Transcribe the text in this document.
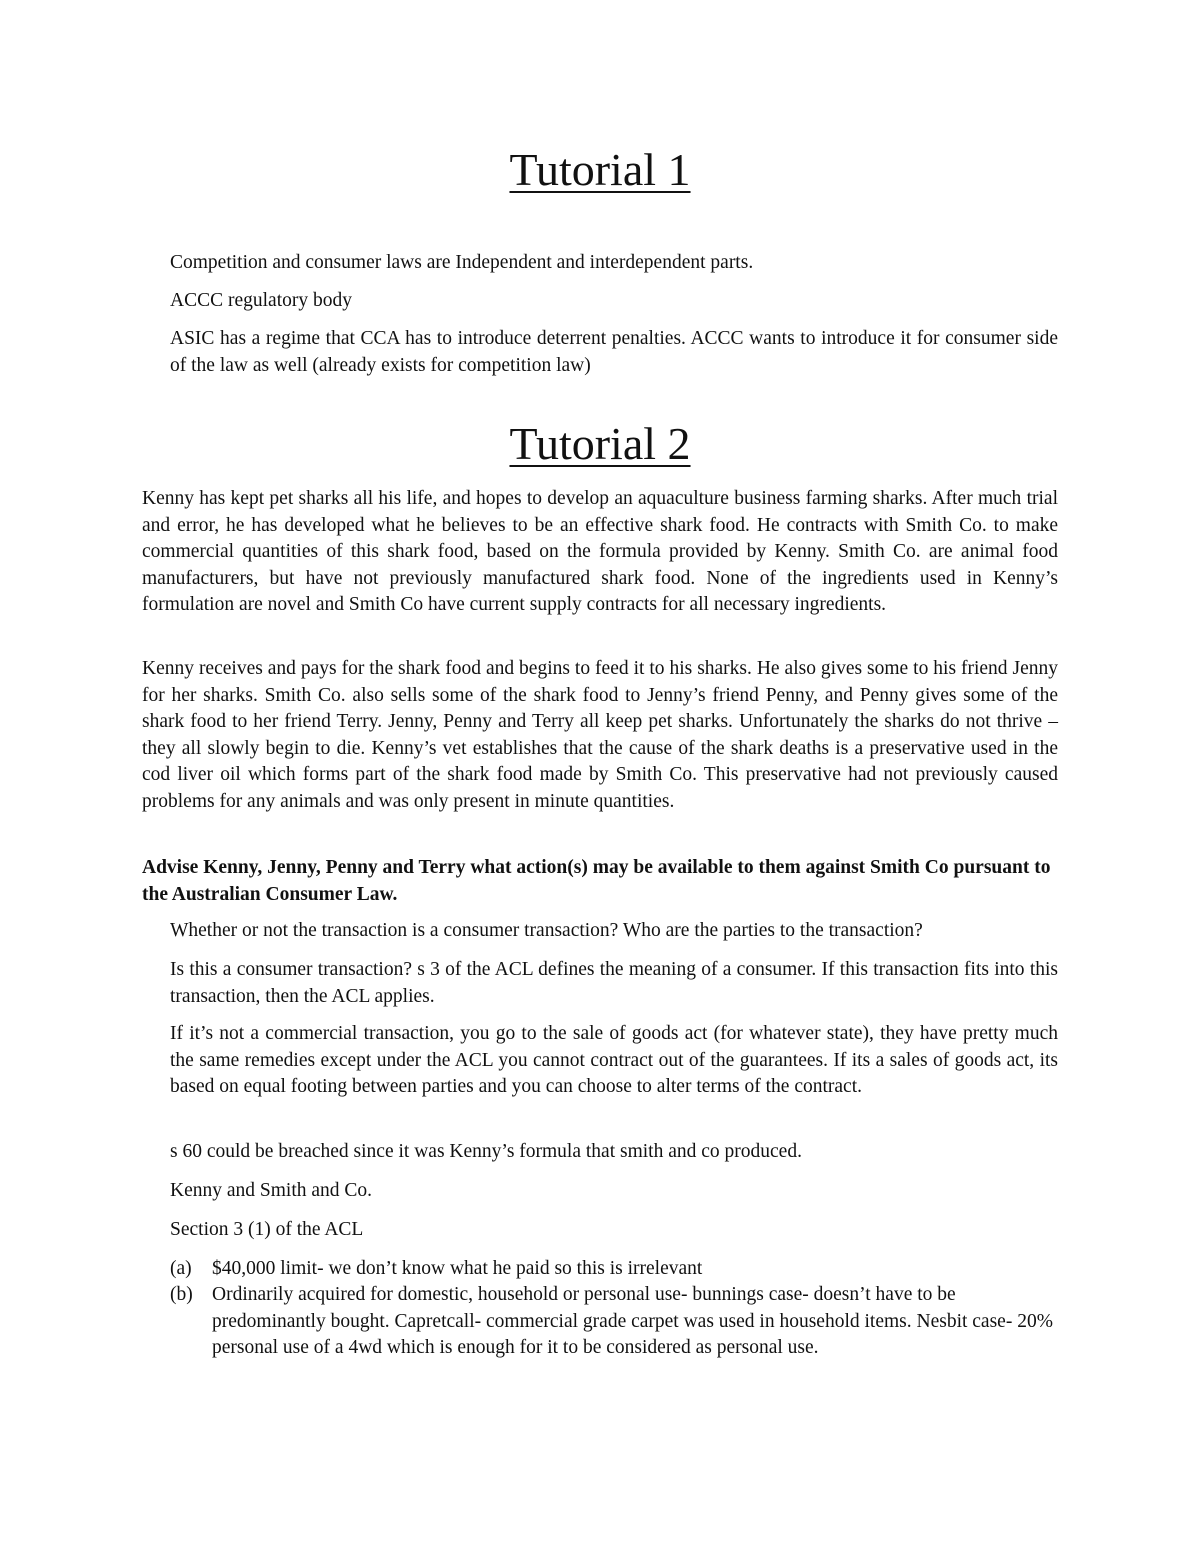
Tutorial 1

Competition and consumer laws are Independent and interdependent parts.

ACCC regulatory body

ASIC has a regime that CCA has to introduce deterrent penalties. ACCC wants to introduce it for consumer side of the law as well (already exists for competition law)

Tutorial 2

Kenny has kept pet sharks all his life, and hopes to develop an aquaculture business farming sharks. After much trial and error, he has developed what he believes to be an effective shark food. He contracts with Smith Co. to make commercial quantities of this shark food, based on the formula provided by Kenny. Smith Co. are animal food manufacturers, but have not previously manufactured shark food. None of the ingredients used in Kenny’s formulation are novel and Smith Co have current supply contracts for all necessary ingredients.

Kenny receives and pays for the shark food and begins to feed it to his sharks. He also gives some to his friend Jenny for her sharks. Smith Co. also sells some of the shark food to Jenny’s friend Penny, and Penny gives some of the shark food to her friend Terry. Jenny, Penny and Terry all keep pet sharks. Unfortunately the sharks do not thrive – they all slowly begin to die. Kenny’s vet establishes that the cause of the shark deaths is a preservative used in the cod liver oil which forms part of the shark food made by Smith Co. This preservative had not previously caused problems for any animals and was only present in minute quantities.

Advise Kenny, Jenny, Penny and Terry what action(s) may be available to them against Smith Co pursuant to the Australian Consumer Law.

Whether or not the transaction is a consumer transaction? Who are the parties to the transaction?

Is this a consumer transaction? s 3 of the ACL defines the meaning of a consumer. If this transaction fits into this transaction, then the ACL applies.

If it’s not a commercial transaction, you go to the sale of goods act (for whatever state), they have pretty much the same remedies except under the ACL you cannot contract out of the guarantees. If its a sales of goods act, its based on equal footing between parties and you can choose to alter terms of the contract.

s 60 could be breached since it was Kenny’s formula that smith and co produced.

Kenny and Smith and Co.

Section 3 (1) of the ACL

(a)	$40,000 limit- we don’t know what he paid so this is irrelevant
(b) Ordinarily acquired for domestic, household or personal use- bunnings case- doesn’t have to be predominantly bought. Capretcall- commercial grade carpet was used in household items. Nesbit case- 20% personal use of a 4wd which is enough for it to be considered as personal use.
